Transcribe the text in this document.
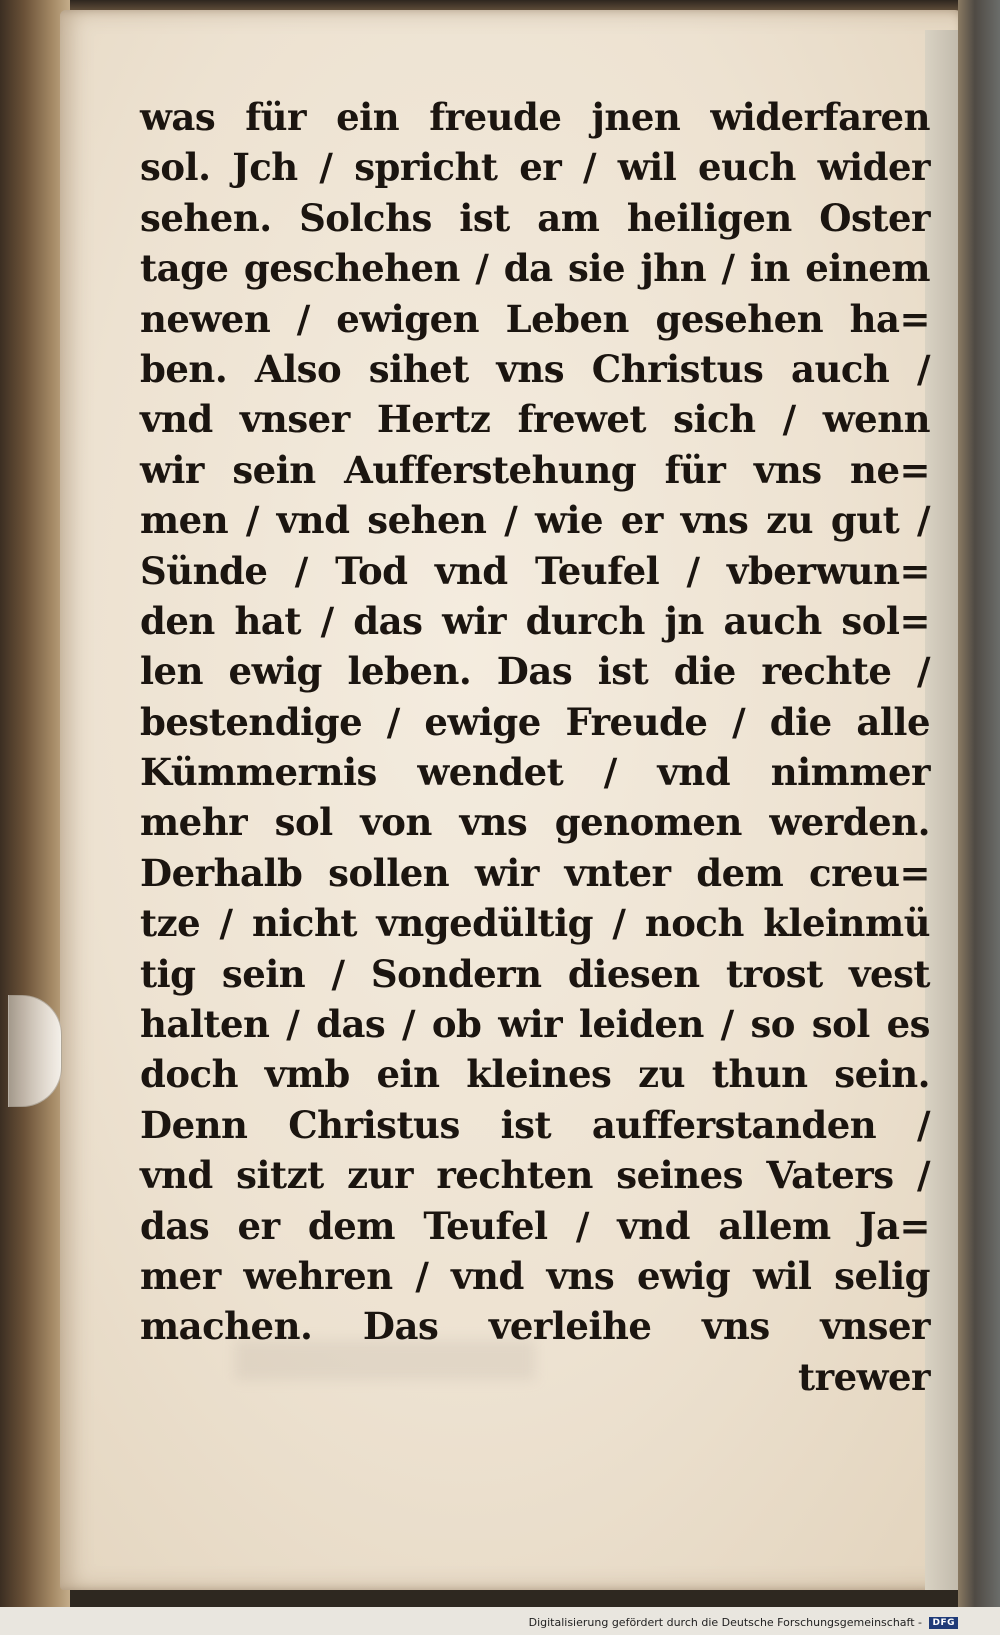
was für ein freude jnen widerfaren
sol. Jch / spricht er / wil euch wider
sehen. Solchs ist am heiligen Oster
tage geschehen / da sie jhn / in einem
newen / ewigen Leben gesehen ha=
ben. Also sihet vns Christus auch /
vnd vnser Hertz frewet sich / wenn
wir sein Aufferstehung für vns ne=
men / vnd sehen / wie er vns zu gut /
Sünde / Tod vnd Teufel / vberwun=
den hat / das wir durch jn auch sol=
len ewig leben. Das ist die rechte /
bestendige / ewige Freude / die alle
Kümmernis wendet / vnd nimmer
mehr sol von vns genomen werden.
Derhalb sollen wir vnter dem creu=
tze / nicht vngedültig / noch kleinmü
tig sein / Sondern diesen trost vest
halten / das / ob wir leiden / so sol es
doch vmb ein kleines zu thun sein.
Denn Christus ist aufferstanden /
vnd sitzt zur rechten seines Vaters /
das er dem Teufel / vnd allem Ja=
mer wehren / vnd vns ewig wil selig
machen. Das verleihe vns vnser
trewer
Digitalisierung gefördert durch die Deutsche Forschungsgemeinschaft - DFG
